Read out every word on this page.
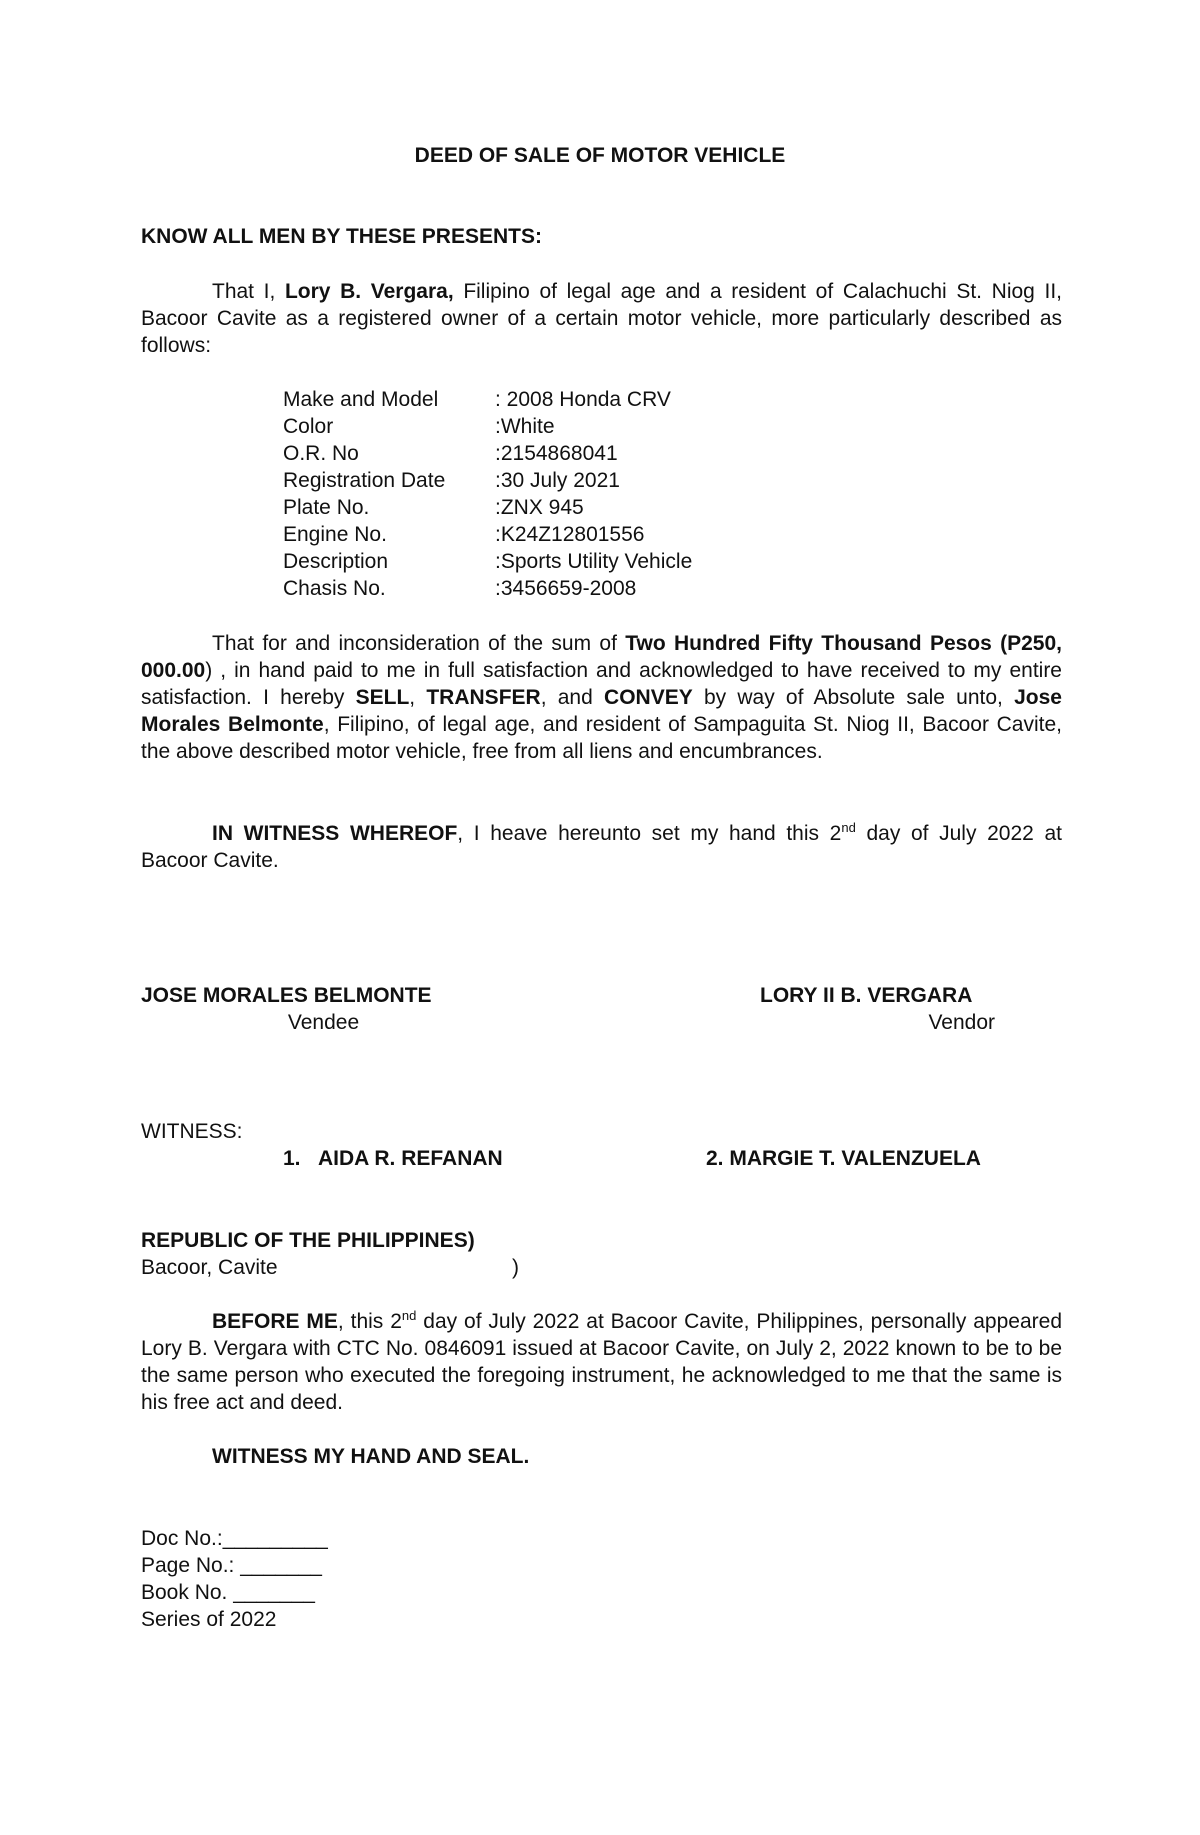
DEED OF SALE OF MOTOR VEHICLE
KNOW ALL MEN BY THESE PRESENTS:
That I, Lory B. Vergara, Filipino of legal age and a resident of Calachuchi St. Niog II, Bacoor Cavite as a registered owner of a certain motor vehicle, more particularly described as follows:
Make and Model	: 2008 Honda CRV
Color	:White
O.R. No	:2154868041
Registration Date :30 July 2021
Plate No.	:ZNX 945
Engine No.	:K24Z12801556
Description	:Sports Utility Vehicle
Chasis No.	:3456659-2008
That for and inconsideration of the sum of Two Hundred Fifty Thousand Pesos (P250, 000.00) , in hand paid to me in full satisfaction and acknowledged to have received to my entire satisfaction. I hereby SELL, TRANSFER, and CONVEY by way of Absolute sale unto, Jose Morales Belmonte, Filipino, of legal age, and resident of Sampaguita St. Niog II, Bacoor Cavite, the above described motor vehicle, free from all liens and encumbrances.
IN WITNESS WHEREOF, I heave hereunto set my hand this 2nd day of July 2022 at Bacoor Cavite.
JOSE MORALES BELMONTE
Vendee
LORY II B. VERGARA
Vendor
WITNESS:
1. AIDA R. REFANAN	2. MARGIE T. VALENZUELA
REPUBLIC OF THE PHILIPPINES)
Bacoor, Cavite	)
BEFORE ME, this 2nd day of July 2022 at Bacoor Cavite, Philippines, personally appeared Lory B. Vergara with CTC No. 0846091 issued at Bacoor Cavite, on July 2, 2022 known to be to be the same person who executed the foregoing instrument, he acknowledged to me that the same is his free act and deed.
WITNESS MY HAND AND SEAL.
Doc No.:_________
Page No.: _______
Book No. _______
Series of 2022
